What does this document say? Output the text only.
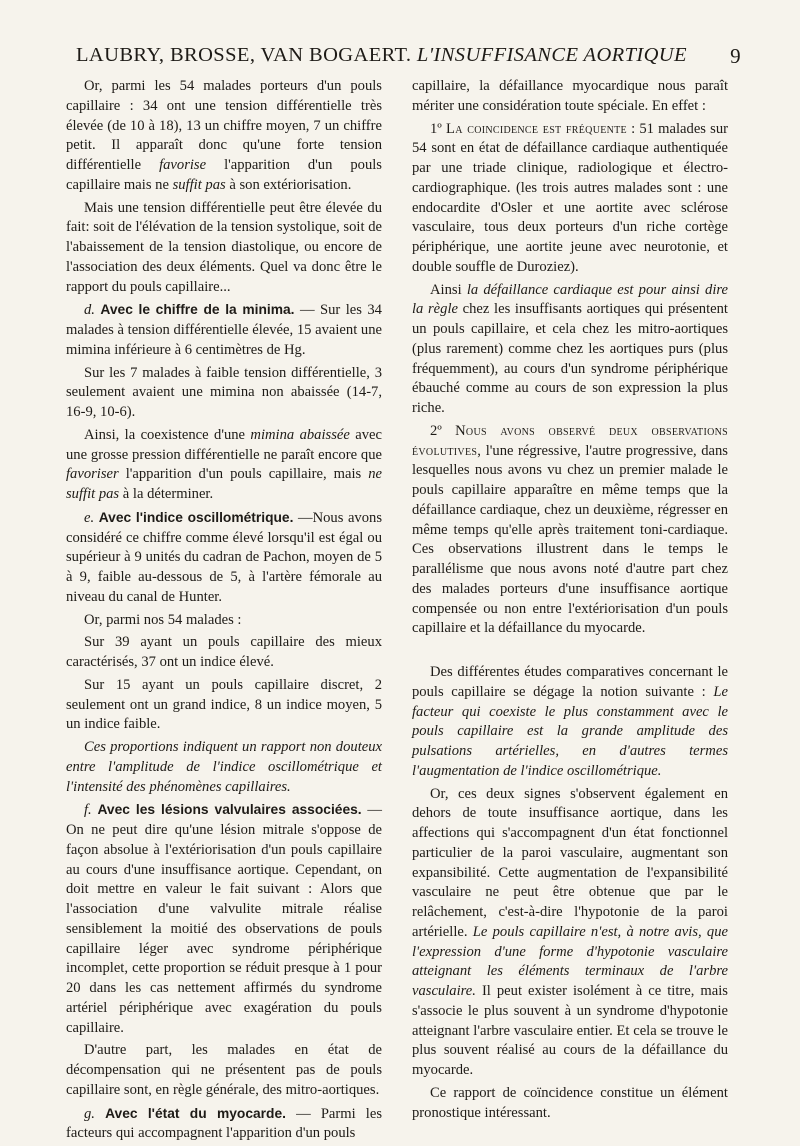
LAUBRY, BROSSE, VAN BOGAERT. L'INSUFFISANCE AORTIQUE 9

Or, parmi les 54 malades porteurs d'un pouls capillaire : 34 ont une tension différentielle très élevée (de 10 à 18), 13 un chiffre moyen, 7 un chiffre petit. Il apparaît donc qu'une forte tension différentielle favorise l'apparition d'un pouls capillaire mais ne suffit pas à son extériorisation.

Mais une tension différentielle peut être élevée du fait: soit de l'élévation de la tension systolique, soit de l'abaissement de la tension diastolique, ou encore de l'association des deux éléments. Quel va donc être le rapport du pouls capillaire...

d. Avec le chiffre de la minima. — Sur les 34 malades à tension différentielle élevée, 15 avaient une mimina inférieure à 6 centimètres de Hg.

Sur les 7 malades à faible tension différentielle, 3 seulement avaient une mimina non abaissée (14-7, 16-9, 10-6).

Ainsi, la coexistence d'une mimina abaissée avec une grosse pression différentielle ne paraît encore que favoriser l'apparition d'un pouls capillaire, mais ne suffit pas à la déterminer.

e. Avec l'indice oscillométrique. —Nous avons considéré ce chiffre comme élevé lorsqu'il est égal ou supérieur à 9 unités du cadran de Pachon, moyen de 5 à 9, faible au-dessous de 5, à l'artère fémorale au niveau du canal de Hunter.

Or, parmi nos 54 malades :

Sur 39 ayant un pouls capillaire des mieux caractérisés, 37 ont un indice élevé.

Sur 15 ayant un pouls capillaire discret, 2 seulement ont un grand indice, 8 un indice moyen, 5 un indice faible.

Ces proportions indiquent un rapport non douteux entre l'amplitude de l'indice oscillométrique et l'intensité des phénomènes capillaires.

f. Avec les lésions valvulaires associées. — On ne peut dire qu'une lésion mitrale s'oppose de façon absolue à l'extériorisation d'un pouls capillaire au cours d'une insuffisance aortique. Cependant, on doit mettre en valeur le fait suivant : Alors que l'association d'une valvulite mitrale réalise sensiblement la moitié des observations de pouls capillaire léger avec syndrome périphérique incomplet, cette proportion se réduit presque à 1 pour 20 dans les cas nettement affirmés du syndrome artériel périphérique avec exagération du pouls capillaire.

D'autre part, les malades en état de décompensation qui ne présentent pas de pouls capillaire sont, en règle générale, des mitro-aortiques.

g. Avec l'état du myocarde. — Parmi les facteurs qui accompagnent l'apparition d'un pouls

capillaire, la défaillance myocardique nous paraît mériter une considération toute spéciale. En effet :

1º La coincidence est fréquente : 51 malades sur 54 sont en état de défaillance cardiaque authentiquée par une triade clinique, radiologique et électro-cardiographique. (les trois autres malades sont : une endocardite d'Osler et une aortite avec sclérose vasculaire, tous deux porteurs d'un riche cortège périphérique, une aortite jeune avec neurotonie, et double souffle de Duroziez).

Ainsi la défaillance cardiaque est pour ainsi dire la règle chez les insuffisants aortiques qui présentent un pouls capillaire, et cela chez les mitro-aortiques (plus rarement) comme chez les aortiques purs (plus fréquemment), au cours d'un syndrome périphérique ébauché comme au cours de son expression la plus riche.

2º Nous avons observé deux observations évolutives, l'une régressive, l'autre progressive, dans lesquelles nous avons vu chez un premier malade le pouls capillaire apparaître en même temps que la défaillance cardiaque, chez un deuxième, régresser en même temps qu'elle après traitement toni-cardiaque. Ces observations illustrent dans le temps le parallélisme que nous avons noté d'autre part chez des malades porteurs d'une insuffisance aortique compensée ou non entre l'extériorisation d'un pouls capillaire et la défaillance du myocarde.

Des différentes études comparatives concernant le pouls capillaire se dégage la notion suivante : Le facteur qui coexiste le plus constamment avec le pouls capillaire est la grande amplitude des pulsations artérielles, en d'autres termes l'augmentation de l'indice oscillométrique.

Or, ces deux signes s'observent également en dehors de toute insuffisance aortique, dans les affections qui s'accompagnent d'un état fonctionnel particulier de la paroi vasculaire, augmentant son expansibilité. Cette augmentation de l'expansibilité vasculaire ne peut être obtenue que par le relâchement, c'est-à-dire l'hypotonie de la paroi artérielle. Le pouls capillaire n'est, à notre avis, que l'expression d'une forme d'hypotonie vasculaire atteignant les éléments terminaux de l'arbre vasculaire. Il peut exister isolément à ce titre, mais s'associe le plus souvent à un syndrome d'hypotonie atteignant l'arbre vasculaire entier. Et cela se trouve le plus souvent réalisé au cours de la défaillance du myocarde.

Ce rapport de coïncidence constitue un élément pronostique intéressant.
